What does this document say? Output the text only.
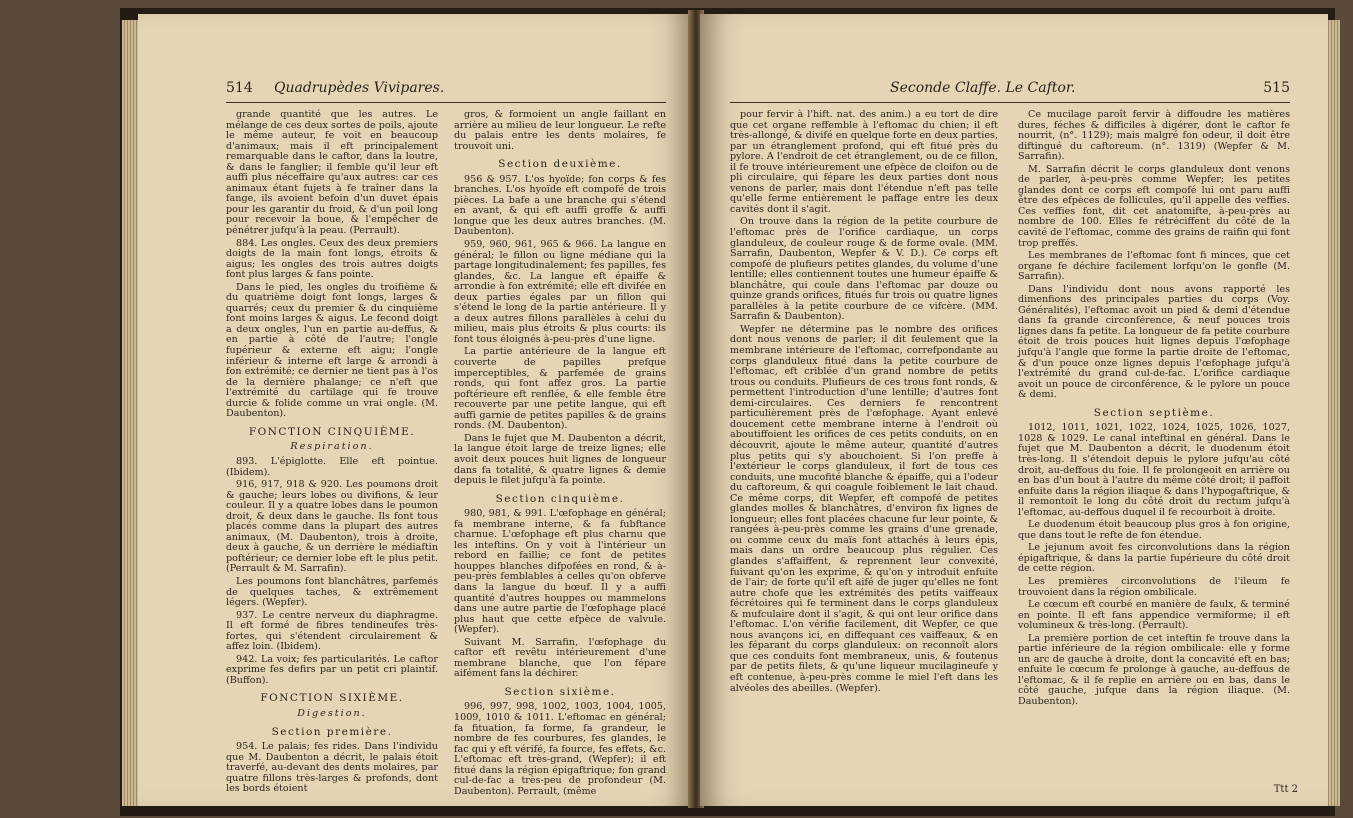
514 Quadrupèdes Vivipares.

grande quantité que les autres. Le mélange de ces deux sortes de poils, ajoute le même auteur, fe voit en beaucoup d'animaux; mais il eft principalement remarquable dans le caftor, dans la loutre, & dans le fanglier; il femble qu'il leur eft auffi plus néceffaire qu'aux autres: car ces animaux étant fujets à fe traîner dans la fange, ils avoient befoin d'un duvet épais pour les garantir du froid, & d'un poil long pour recevoir la boue, & l'empêcher de pénétrer jufqu'à la peau. (Perrault).

884. Les ongles. Ceux des deux premiers doigts de la main font longs, étroits & aigus; les ongles des trois autres doigts font plus larges & fans pointe.

Dans le pied, les ongles du troifième & du quatrième doigt font longs, larges & quarrés; ceux du premier & du cinquième font moins larges & aigus. Le fecond doigt a deux ongles, l'un en partie au-deffus, & en partie à côté de l'autre; l'ongle fupérieur & externe eft aigu; l'ongle inférieur & interne eft large & arrondi à fon extrémité; ce dernier ne tient pas à l'os de la dernière phalange; ce n'eft que l'extrémité du cartilage qui fe trouve durcie & folide comme un vrai ongle. (M. Daubenton).

FONCTION CINQUIÈME.

Respiration.

893. L'épiglotte. Elle eft pointue. (Ibidem).

916, 917, 918 & 920. Les poumons droit & gauche; leurs lobes ou divifions, & leur couleur. Il y a quatre lobes dans le poumon droit, & deux dans le gauche. Ils font tous placés comme dans la plupart des autres animaux, (M. Daubenton), trois à droite, deux à gauche, & un derrière le médiaftin poftérieur; ce dernier lobe eft le plus petit. (Perrault & M. Sarrafin).

Les poumons font blanchâtres, parfemés de quelques taches, & extrêmement légers. (Wepfer).

937. Le centre nerveux du diaphragme. Il eft formé de fibres tendineufes très-fortes, qui s'étendent circulairement & affez loin. (Ibidem).

942. La voix; fes particularités. Le caftor exprime fes defirs par un petit cri plaintif. (Buffon).

FONCTION SIXIÈME.

Digestion.

Section première.

954. Le palais; fes rides. Dans l'individu que M. Daubenton a décrit, le palais étoit traverfé, au-devant des dents molaires, par quatre fillons très-larges & profonds, dont les bords étoient

gros, & formoient un angle faillant en arrière au milieu de leur longueur. Le refte du palais entre les dents molaires, fe trouvoit uni.

Section deuxième.

956 & 957. L'os hyoïde; fon corps & fes branches. L'os hyoïde eft compofé de trois pièces. La bafe a une branche qui s'étend en avant, & qui eft auffi groffe & auffi longue que les deux autres branches. (M. Daubenton).

959, 960, 961, 965 & 966. La langue en général; le fillon ou ligne médiane qui la partage longitudinalement; fes papilles, fes glandes, &c. La langue eft épaiffe & arrondie à fon extrémité; elle eft divifée en deux parties égales par un fillon qui s'étend le long de la partie antérieure. Il y a deux autres fillons parallèles à celui du milieu, mais plus étroits & plus courts: ils font tous éloignés à-peu-près d'une ligne.

La partie antérieure de la langue eft couverte de papilles prefque imperceptibles, & parfemée de grains ronds, qui font affez gros. La partie poftérieure eft renflée, & elle femble être recouverte par une petite langue, qui eft auffi garnie de petites papilles & de grains ronds. (M. Daubenton).

Dans le fujet que M. Daubenton a décrit, la langue étoit large de treize lignes; elle avoit deux pouces huit lignes de longueur dans fa totalité, & quatre lignes & demie depuis le filet jufqu'à fa pointe.

Section cinquième.

980, 981, & 991. L'œfophage en général; fa membrane interne, & fa fubftance charnue. L'œfophage eft plus charnu que les inteftins. On y voit à l'intérieur un rebord en faillie; ce font de petites houppes blanches difpofées en rond, & à-peu-près femblables à celles qu'on obferve dans la langue du bœuf. Il y a auffi quantité d'autres houppes ou mammelons dans une autre partie de l'œfophage placé plus haut que cette efpèce de valvule. (Wepfer).

Suivant M. Sarrafin, l'œfophage du caftor eft revêtu intérieurement d'une membrane blanche, que l'on fépare aifément fans la déchirer.

Section sixième.

996, 997, 998, 1002, 1003, 1004, 1005, 1009, 1010 & 1011. L'eftomac en général; fa fituation, fa forme, fa grandeur, le nombre de fes courbures, fes glandes, le fac qui y eft vérifé, fa fource, fes effets, &c. L'eftomac eft très-grand, (Wepfer); il eft fitué dans la région épigaftrique; fon grand cul-de-fac a très-peu de profondeur (M. Daubenton). Perrault, (même

Seconde Claffe. Le Caftor.	515

pour fervir à l'hift. nat. des anim.) a eu tort de dire que cet organe reffemble à l'eftomac du chien; il eft très-allongé, & divifé en quelque forte en deux parties, par un étranglement profond, qui eft fitué près du pylore. A l'endroit de cet étranglement, ou de ce fillon, il fe trouve intérieurement une efpèce de cloifon ou de pli circulaire, qui fépare les deux parties dont nous venons de parler, mais dont l'étendue n'eft pas telle qu'elle ferme entièrement le paffage entre les deux cavités dont il s'agit.

On trouve dans la région de la petite courbure de l'eftomac près de l'orifice cardiaque, un corps glanduleux, de couleur rouge & de forme ovale. (MM. Sarrafin, Daubenton, Wepfer & V. D.). Ce corps eft compofé de plufieurs petites glandes, du volume d'une lentille; elles contiennent toutes une humeur épaiffe & blanchâtre, qui coule dans l'eftomac par douze ou quinze grands orifices, fitués fur trois ou quatre lignes parallèles à la petite courbure de ce vifcère. (MM. Sarrafin & Daubenton).

Wepfer ne détermine pas le nombre des orifices dont nous venons de parler; il dit feulement que la membrane intérieure de l'eftomac, correfpondante au corps glanduleux fitué dans la petite courbure de l'eftomac, eft criblée d'un grand nombre de petits trous ou conduits. Plufieurs de ces trous font ronds, & permettent l'introduction d'une lentille; d'autres font demi-circulaires. Ces derniers fe rencontrent particulièrement près de l'œfophage. Ayant enlevé doucement cette membrane interne à l'endroit où aboutiffoient les orifices de ces petits conduits, on en découvrit, ajoute le même auteur, quantité d'autres plus petits qui s'y abouchoient. Si l'on preffe à l'extérieur le corps glanduleux, il fort de tous ces conduits, une mucofité blanche & épaiffe, qui a l'odeur du caftoreum, & qui coagule foiblement le lait chaud. Ce même corps, dit Wepfer, eft compofé de petites glandes molles & blanchâtres, d'environ fix lignes de longueur; elles font placées chacune fur leur pointe, & rangées à-peu-près comme les grains d'une grenade, ou comme ceux du maïs font attachés à leurs épis, mais dans un ordre beaucoup plus régulier. Ces glandes s'affaiffent, & reprennent leur convexité, fuivant qu'on les exprime, & qu'on y introduit enfuite de l'air; de forte qu'il eft aifé de juger qu'elles ne font autre chofe que les extrémités des petits vaiffeaux fécrétoires qui fe terminent dans le corps glanduleux & mufculaire dont il s'agit, & qui ont leur orifice dans l'eftomac. L'on vérifie facilement, dit Wepfer, ce que nous avançons ici, en diffequant ces vaiffeaux, & en les féparant du corps glanduleux: on reconnoît alors que ces conduits font membraneux, unis, & fouteņus par de petits filets, & qu'une liqueur mucilagineufe y eft contenue, à-peu-près comme le miel l'eft dans les alvéoles des abeilles. (Wepfer).

Ce mucilage paroît fervir à diffoudre les matières dures, féches & difficiles à digérer, dont le caftor fe nourrit, (n°. 1129); mais malgré fon odeur, il doit être diftingué du caftoreum. (n°. 1319) (Wepfer & M. Sarrafin).

M. Sarrafin décrit le corps glanduleux dont venons de parler, à-peu-près comme Wepfer; les petites glandes dont ce corps eft compofé lui ont paru auffi être des efpèces de follicules, qu'il appelle des veffies. Ces veffies font, dit cet anatomifte, à-peu-près au nombre de 100. Elles fe rétréciffent du côté de la cavité de l'eftomac, comme des grains de raifin qui font trop preffés.

Les membranes de l'eftomac font fi minces, que cet organe fe déchire facilement lorfqu'on le gonfle (M. Sarrafin).

Dans l'individu dont nous avons rapporté les dimenfions des principales parties du corps (Voy. Généralités), l'eftomac avoit un pied & demi d'étendue dans fa grande circonférence, & neuf pouces trois lignes dans fa petite. La longueur de fa petite courbure étoit de trois pouces huit lignes depuis l'œfophage jufqu'à l'angle que forme la partie droite de l'eftomac, & d'un pouce onze lignes depuis l'œfophage jufqu'à l'extrémité du grand cul-de-fac. L'orifice cardiaque avoit un pouce de circonférence, & le pylore un pouce & demi.

Section septième.

1012, 1011, 1021, 1022, 1024, 1025, 1026, 1027, 1028 & 1029. Le canal inteftinal en général. Dans le fujet que M. Daubenton a décrit, le duodenum étoit très-long. Il s'étendoit depuis le pylore jufqu'au côté droit, au-deffous du foie. Il fe prolongeoit en arrière ou en bas d'un bout à l'autre du même côté droit; il paffoit enfuite dans la région iliaque & dans l'hypogaftrique, & il remontoit le long du côté droit du rectum jufqu'à l'eftomac, au-deffous duquel il fe recourboit à droite.

Le duodenum étoit beaucoup plus gros à fon origine, que dans tout le refte de fon étendue.

Le jejunum avoit fes circonvolutions dans la région épigaftrique, & dans la partie fupérieure du côté droit de cette région.

Les premières circonvolutions de l'ileum fe trouvoient dans la région ombilicale.

Le cœcum eft courbé en manière de faulx, & terminé en pointe. Il eft fans appendice vermiforme; il eft volumineux & très-long. (Perrault).

La première portion de cet inteftin fe trouve dans la partie inférieure de la région ombilicale: elle y forme un arc de gauche à droite, dont la concavité eft en bas; enfuite le cœcum fe prolonge à gauche, au-deffous de l'eftomac, & il fe replie en arrière ou en bas, dans le côté gauche, jufque dans la région iliaque. (M. Daubenton).

Ttt 2
